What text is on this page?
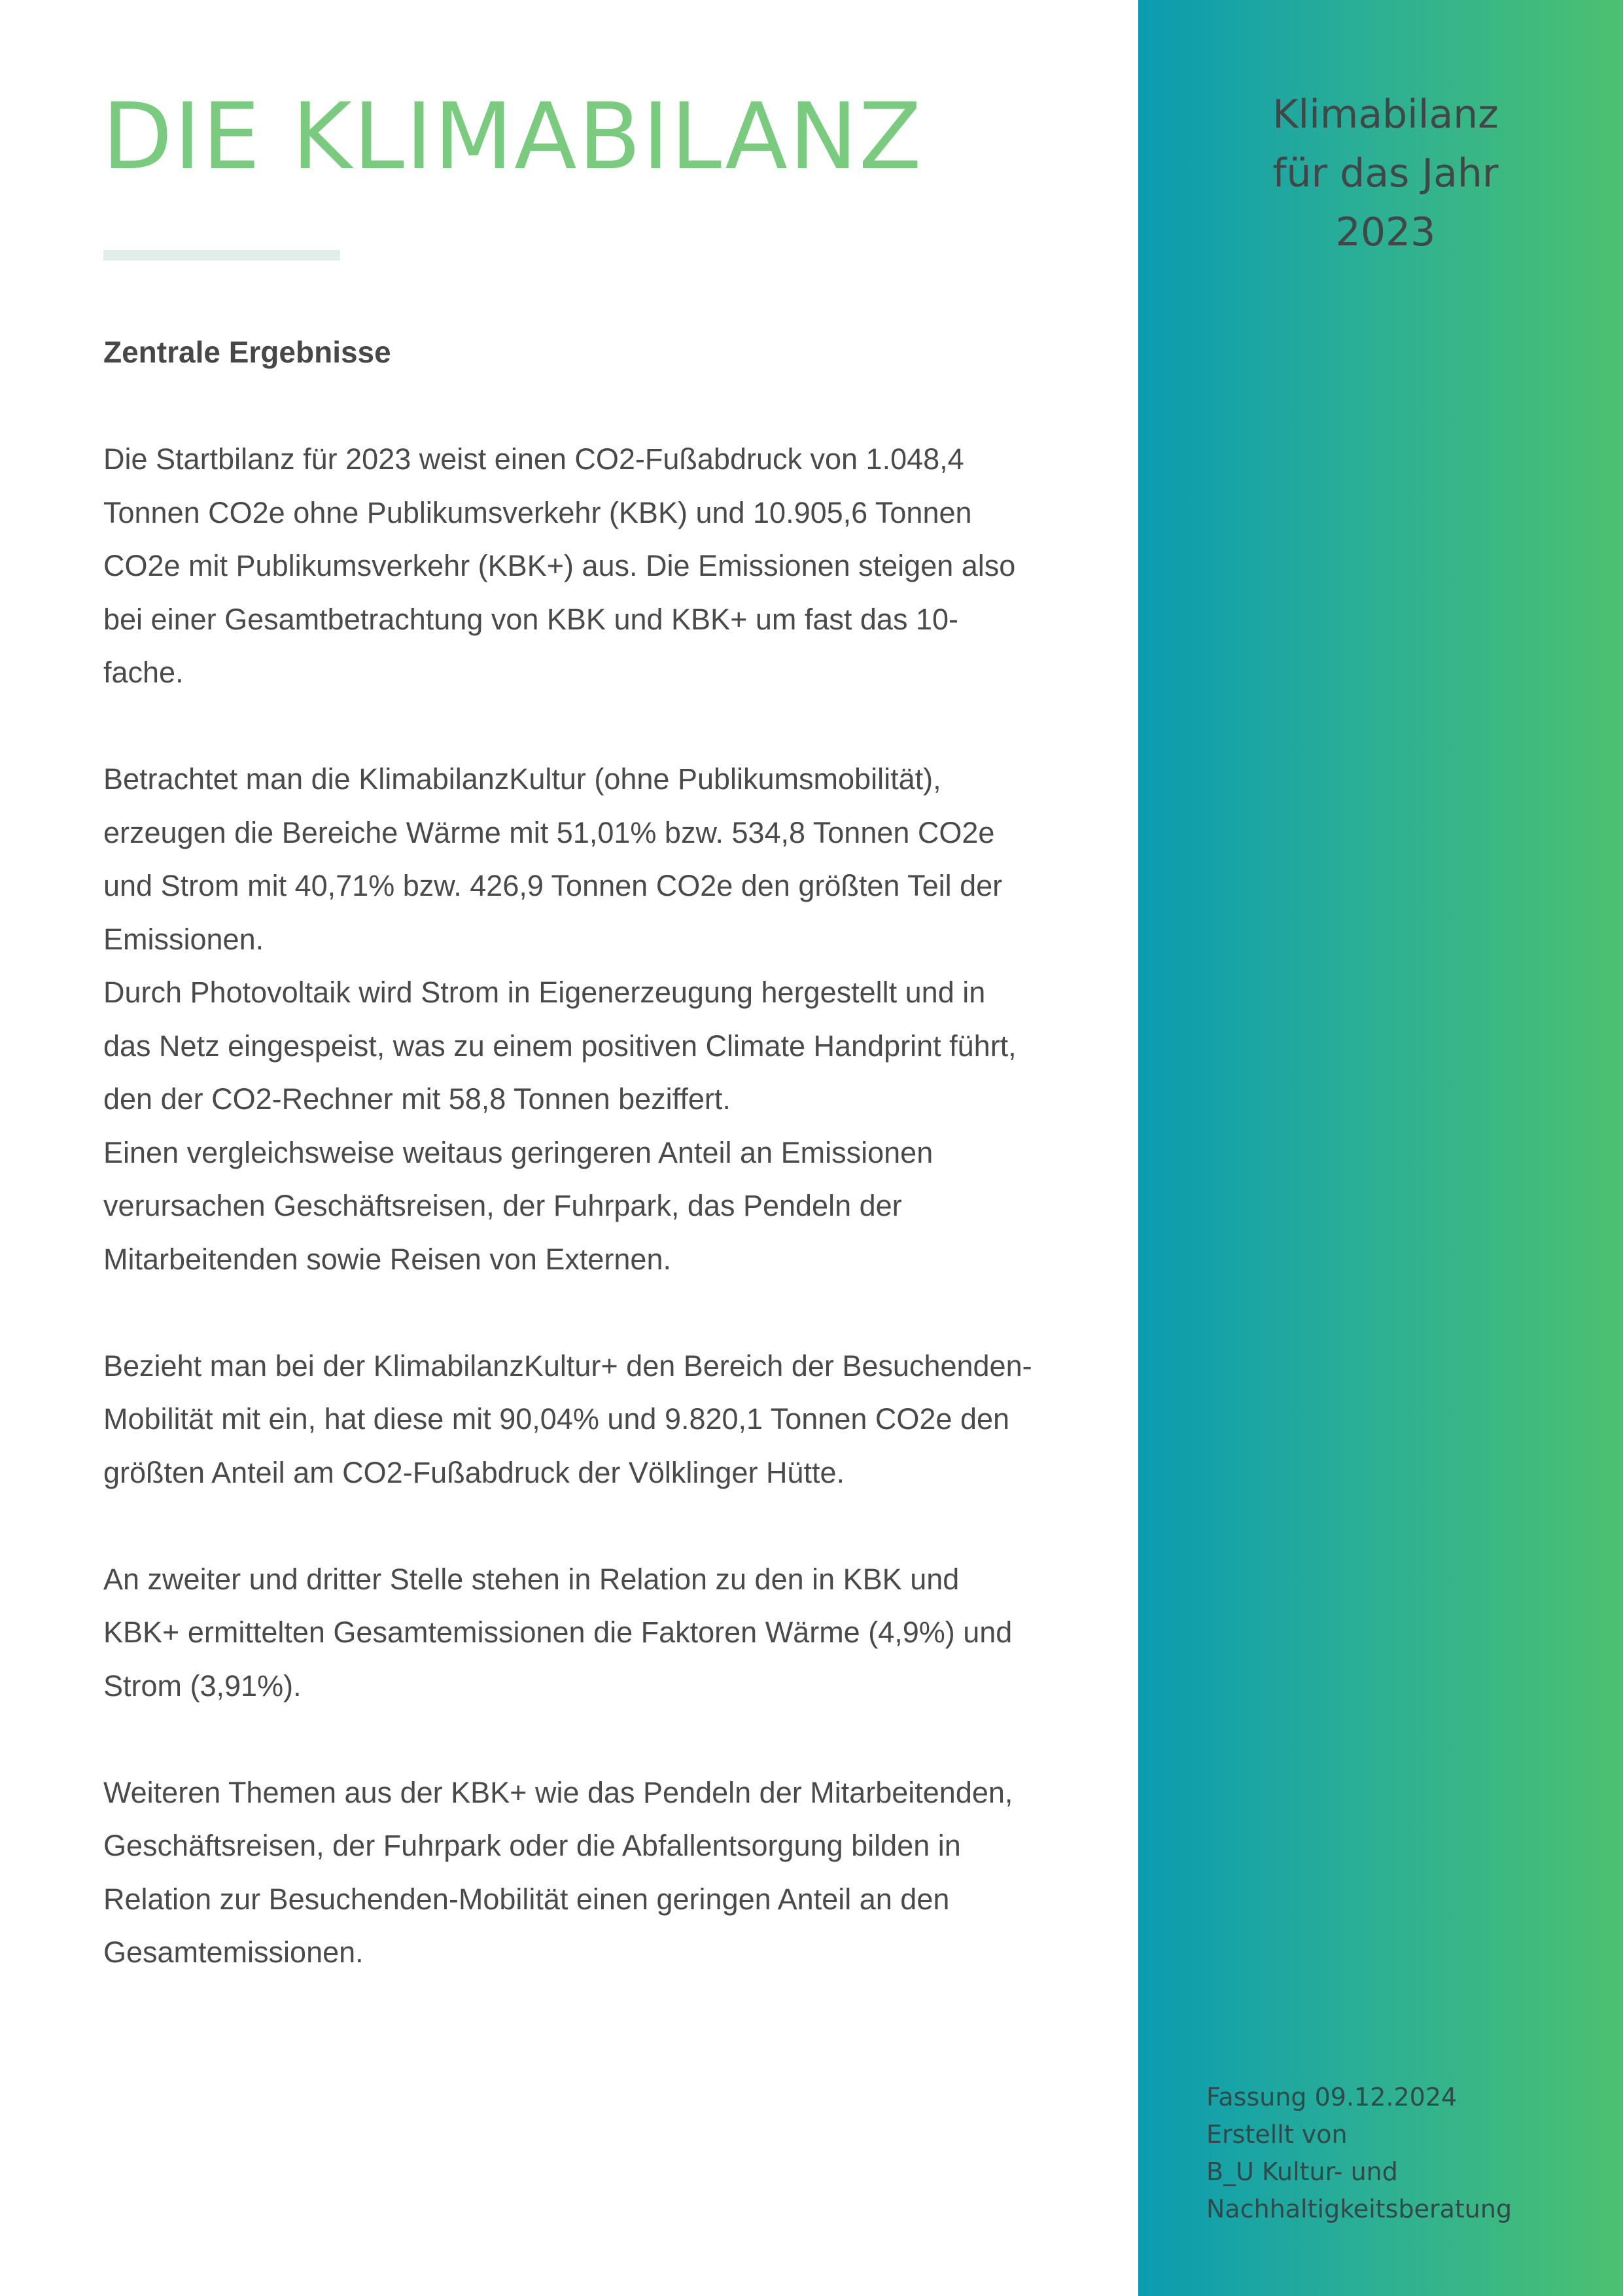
DIE KLIMABILANZ

Zentrale Ergebnisse

Die Startbilanz für 2023 weist einen CO2-Fußabdruck von 1.048,4 Tonnen CO2e ohne Publikumsverkehr (KBK) und 10.905,6 Tonnen CO2e mit Publikumsverkehr (KBK+) aus. Die Emissionen steigen also bei einer Gesamtbetrachtung von KBK und KBK+ um fast das 10-fache.

Betrachtet man die KlimabilanzKultur (ohne Publikumsmobilität), erzeugen die Bereiche Wärme mit 51,01% bzw. 534,8 Tonnen CO2e und Strom mit 40,71% bzw. 426,9 Tonnen CO2e den größten Teil der Emissionen.

Durch Photovoltaik wird Strom in Eigenerzeugung hergestellt und in das Netz eingespeist, was zu einem positiven Climate Handprint führt, den der CO2-Rechner mit 58,8 Tonnen beziffert.

Einen vergleichsweise weitaus geringeren Anteil an Emissionen verursachen Geschäftsreisen, der Fuhrpark, das Pendeln der Mitarbeitenden sowie Reisen von Externen.

Bezieht man bei der KlimabilanzKultur+ den Bereich der Besuchenden-Mobilität mit ein, hat diese mit 90,04% und 9.820,1 Tonnen CO2e den größten Anteil am CO2-Fußabdruck der Völklinger Hütte.

An zweiter und dritter Stelle stehen in Relation zu den in KBK und KBK+ ermittelten Gesamtemissionen die Faktoren Wärme (4,9%) und Strom (3,91%).

Weiteren Themen aus der KBK+ wie das Pendeln der Mitarbeitenden, Geschäftsreisen, der Fuhrpark oder die Abfallentsorgung bilden in Relation zur Besuchenden-Mobilität einen geringen Anteil an den Gesamtemissionen.

Klimabilanz
für das Jahr 2023
Fassung 09.12.2024
Erstellt von
B_U Kultur- und
Nachhaltigkeitsberatung
